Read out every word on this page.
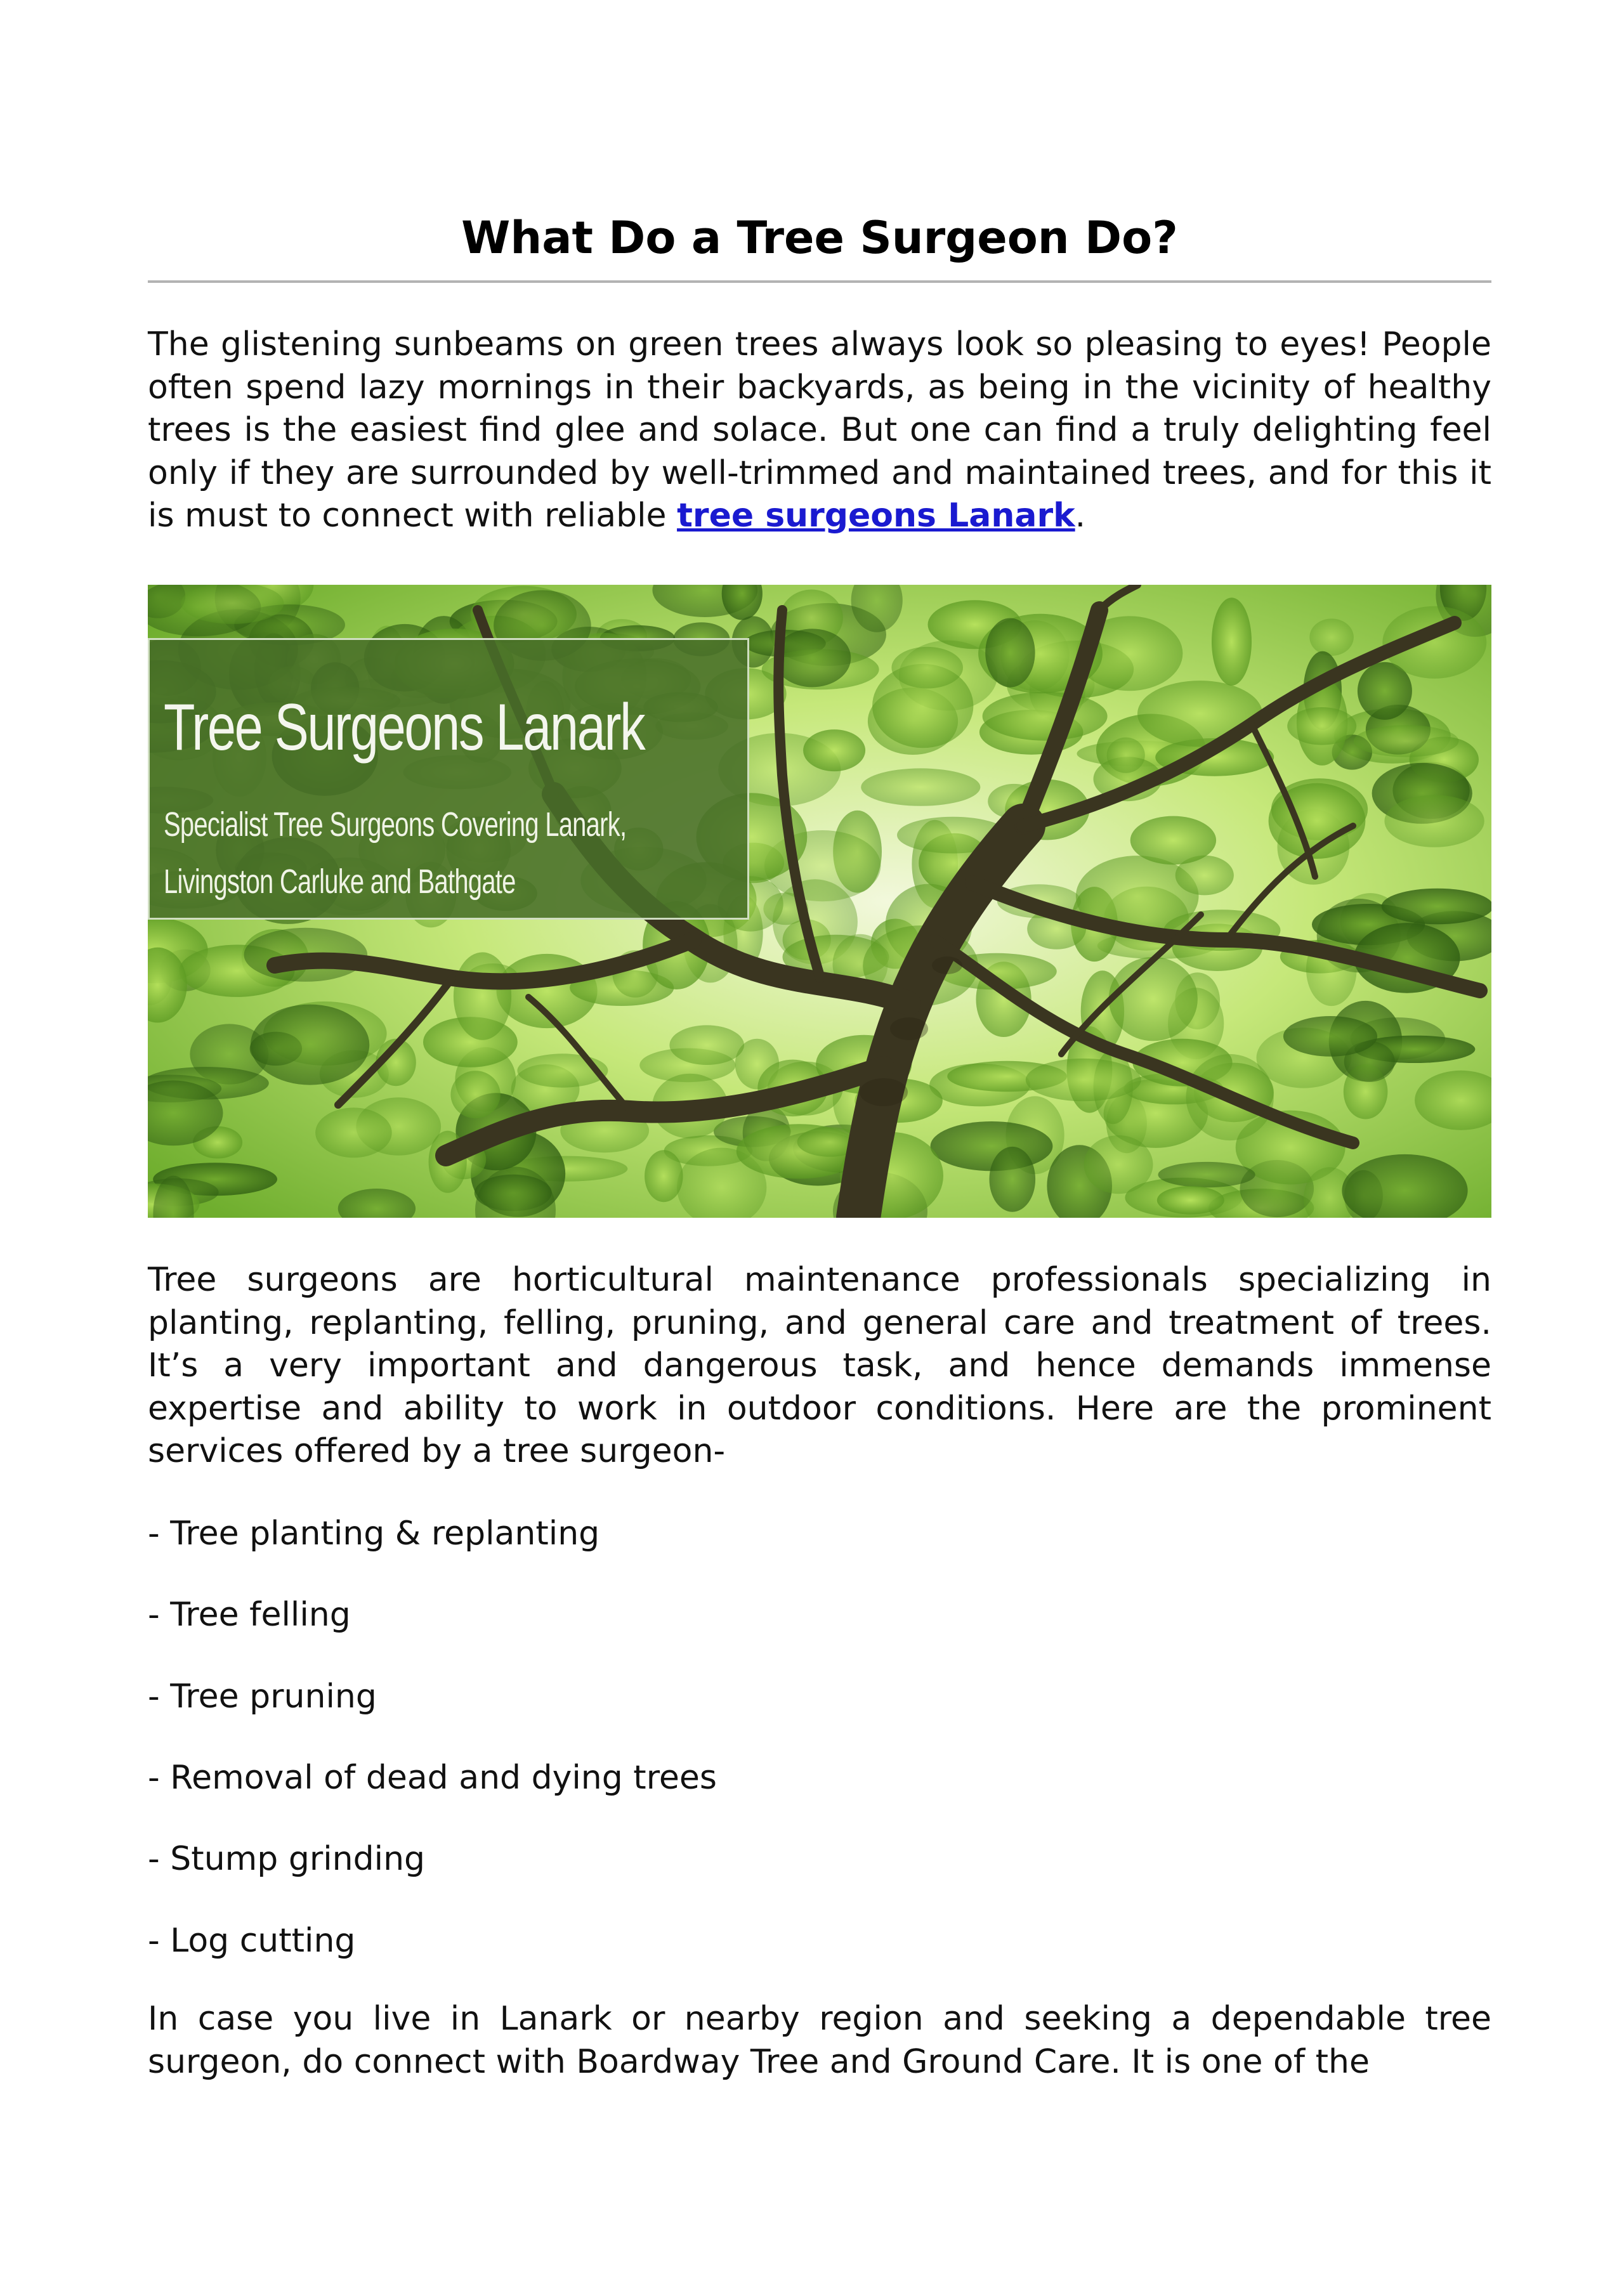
What Do a Tree Surgeon Do?

The glistening sunbeams on green trees always look so pleasing to eyes! People often spend lazy mornings in their backyards, as being in the vicinity of healthy trees is the easiest find glee and solace. But one can find a truly delighting feel only if they are surrounded by well-trimmed and maintained trees, and for this it is must to connect with reliable tree surgeons Lanark.

Tree Surgeons Lanark
Specialist Tree Surgeons Covering Lanark,
Livingston Carluke and Bathgate

Tree surgeons are horticultural maintenance professionals specializing in planting, replanting, felling, pruning, and general care and treatment of trees. It’s a very important and dangerous task, and hence demands immense expertise and ability to work in outdoor conditions. Here are the prominent services offered by a tree surgeon-

- Tree planting & replanting

- Tree felling

- Tree pruning

- Removal of dead and dying trees

- Stump grinding

- Log cutting

In case you live in Lanark or nearby region and seeking a dependable tree surgeon, do connect with Boardway Tree and Ground Care. It is one of the
